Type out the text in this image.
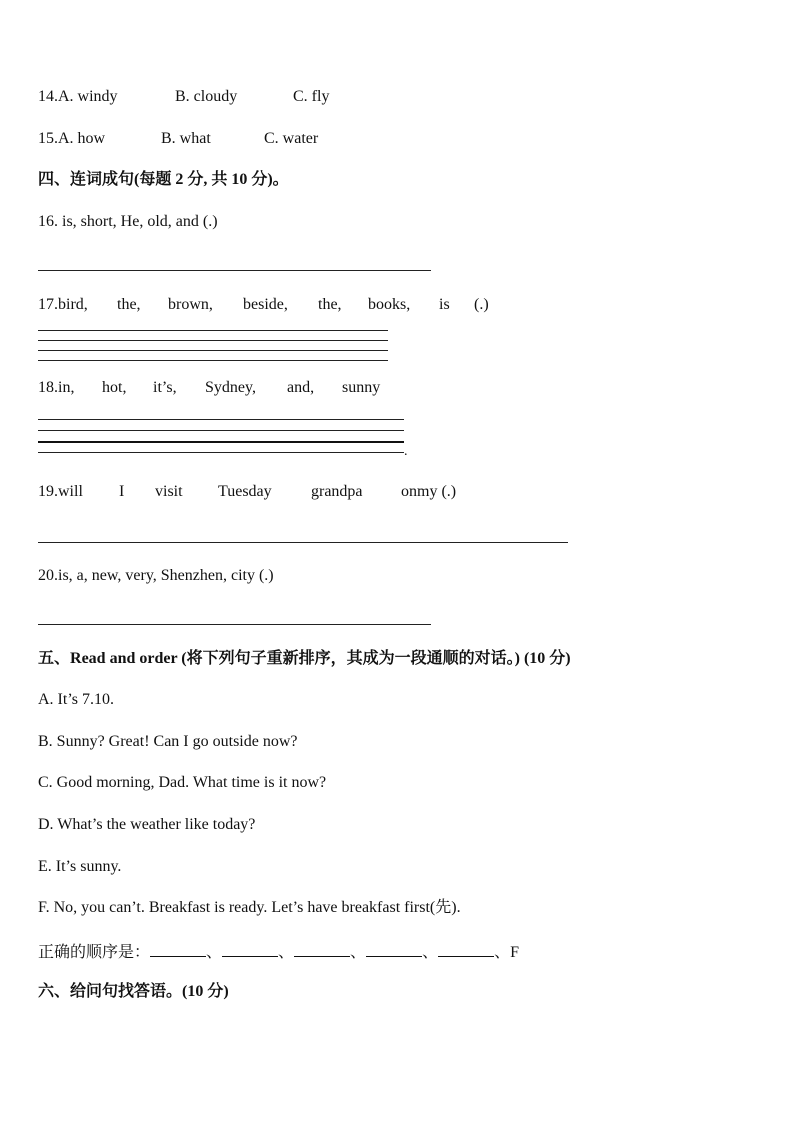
14.A. windy	B. cloudy	C. fly
15.A. how	B. what	C. water
四、连词成句(每题 2 分, 共 10 分)。
16. is, short, He, old, and (.)
17.bird, the, brown, beside, the, books, is (.)
18.in, hot, it’s, Sydney, and, sunny
.
19.will I visit Tuesday grandpa onmy (.)
20.is, a, new, very, Shenzhen, city (.)
五、Read and order (将下列句子重新排序，其成为一段通顺的对话。) (10 分)
A. It’s 7.10.
B. Sunny? Great! Can I go outside now?
C. Good morning, Dad. What time is it now?
D. What’s the weather like today?
E. It’s sunny.
F. No, you can’t. Breakfast is ready. Let’s have breakfast first(先).
正确的顺序是：	、	、	、	、	、F
六、给问句找答语。(10 分)
